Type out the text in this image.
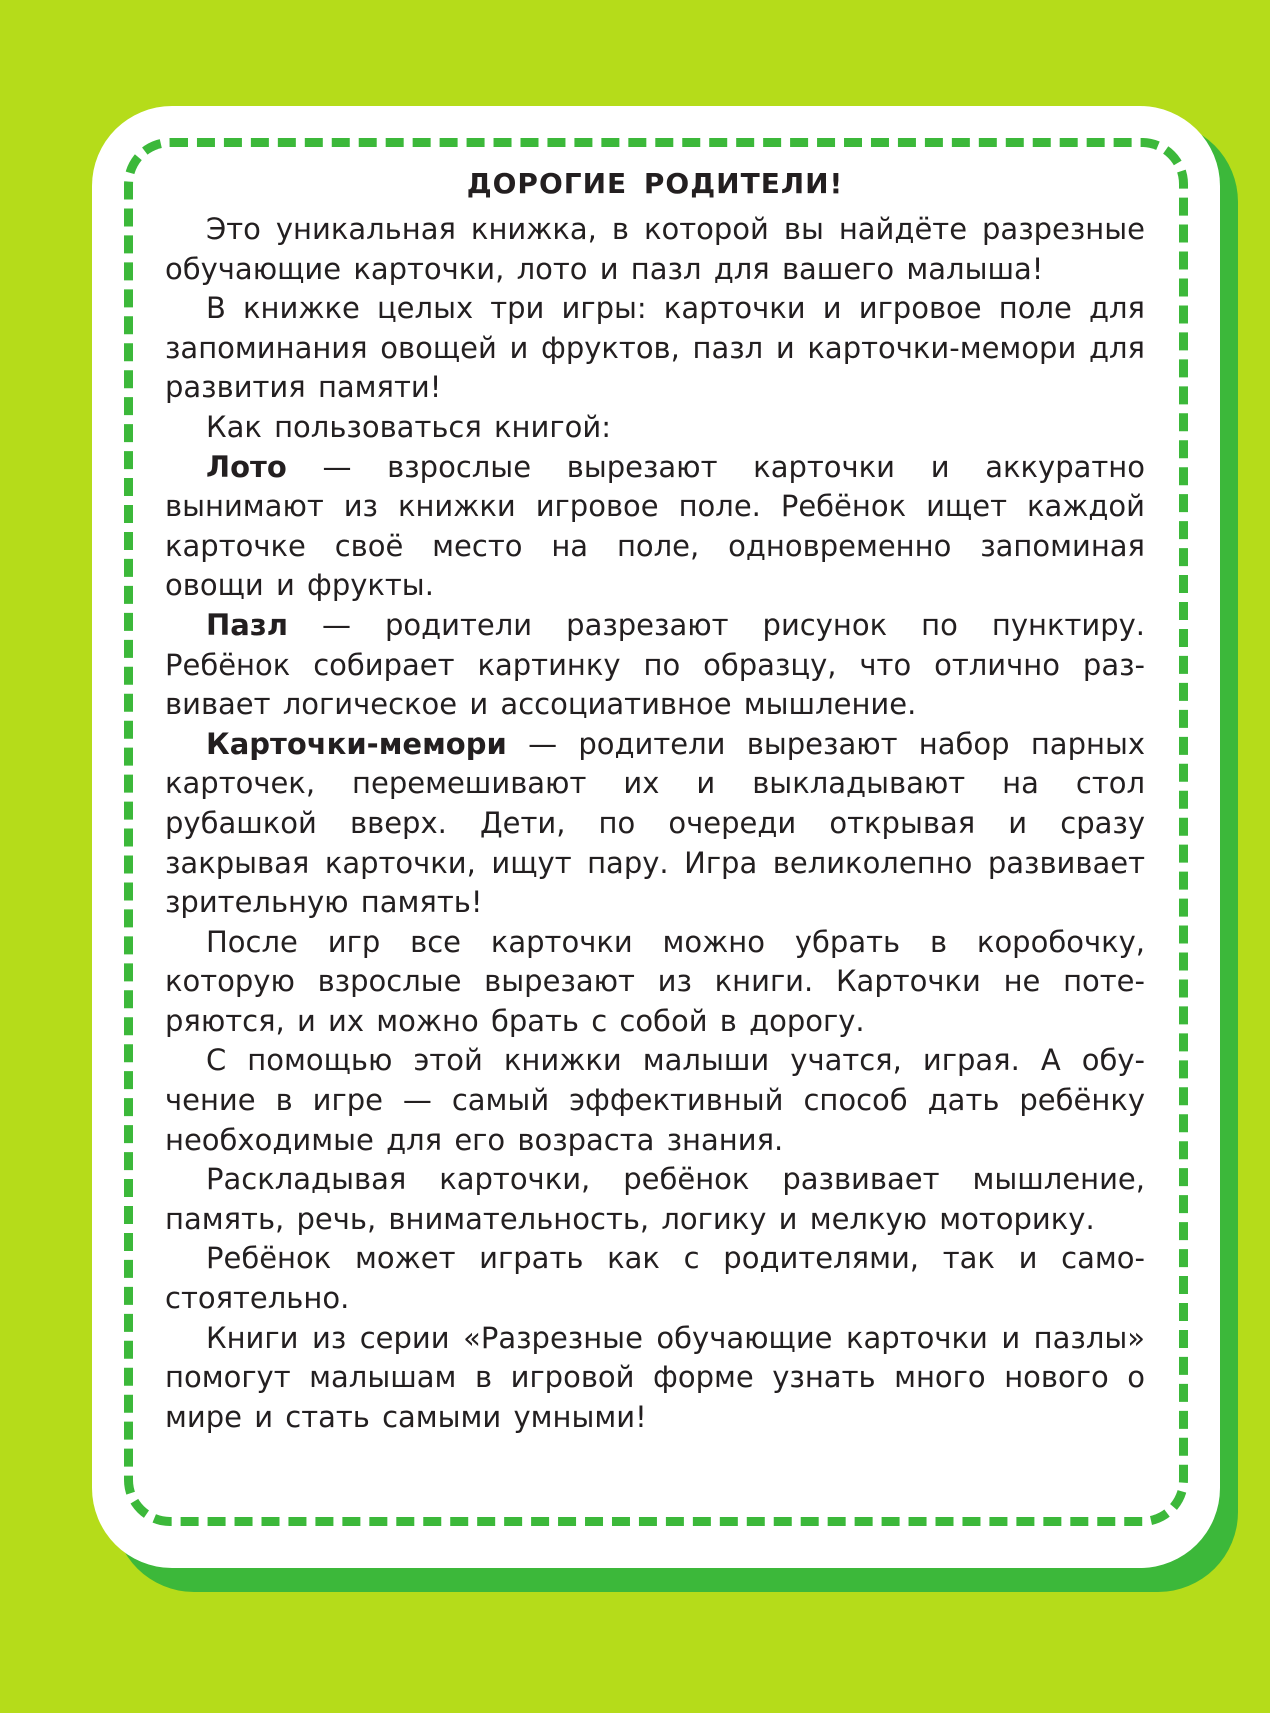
ДОРОГИЕ РОДИТЕЛИ!

Это уникальная книжка, в которой вы найдёте разрезные обучающие карточки, лото и пазл для вашего малыша!

В книжке целых три игры: карточки и игровое поле для запоминания овощей и фруктов, пазл и карточки-мемори для развития памяти!

Как пользоваться книгой:

Лото — взрослые вырезают карточки и аккуратно вынимают из книжки игровое поле. Ребёнок ищет каждой карточке своё место на поле, одновременно запоминая овощи и фрукты.

Пазл — родители разрезают рисунок по пунктиру. Ребёнок собирает картинку по образцу, что отлично развивает логическое и ассоциативное мышление.

Карточки-мемори — родители вырезают набор парных карточек, перемешивают их и выкладывают на стол рубашкой вверх. Дети, по очереди открывая и сразу закрывая карточки, ищут пару. Игра великолепно развивает зрительную память!

После игр все карточки можно убрать в коробочку, которую взрослые вырезают из книги. Карточки не потеряются, и их можно брать с собой в дорогу.

С помощью этой книжки малыши учатся, играя. А обучение в игре — самый эффективный способ дать ребёнку необходимые для его возраста знания.

Раскладывая карточки, ребёнок развивает мышление, память, речь, внимательность, логику и мелкую моторику.

Ребёнок может играть как с родителями, так и самостоятельно.

Книги из серии «Разрезные обучающие карточки и пазлы» помогут малышам в игровой форме узнать много нового о мире и стать самыми умными!
